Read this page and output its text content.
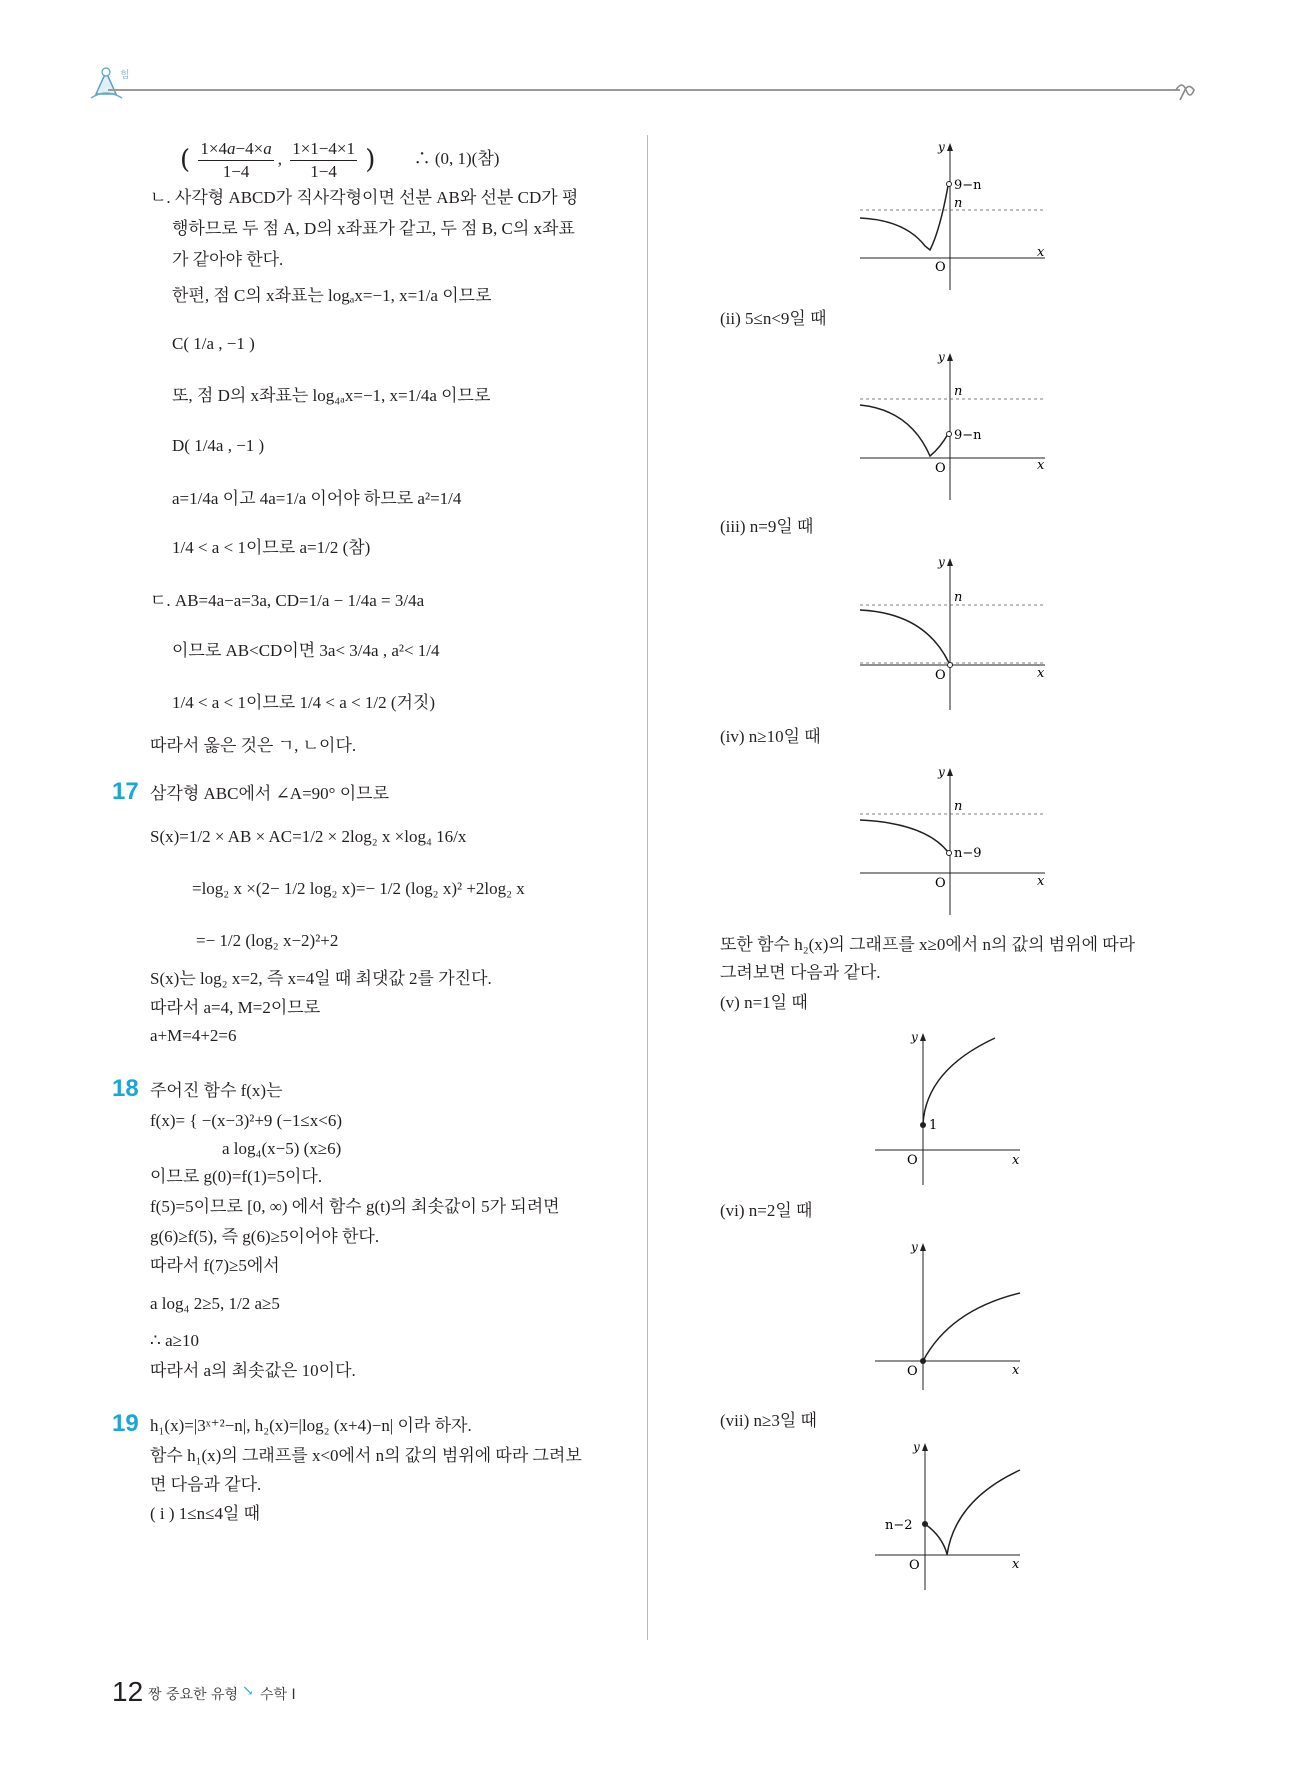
힘
( $\frac{1\times 4a-4\times a}{1-4}$ , $\frac{1\times 1-4\times 1}{1-4}$ ) ∴ (0, 1)(참)
ㄴ. 사각형 ABCD가 직사각형이면 선분 AB와 선분 CD가 평
행하므로 두 점 A, D의 x좌표가 같고, 두 점 B, C의 x좌표
가 같아야 한다.
한편, 점 C의 x좌표는 logₐx=−1, x=1/a 이므로
C( 1/a , −1 )
또, 점 D의 x좌표는 log₄ₐx=−1, x=1/4a 이므로
D( 1/4a , −1 )
a=1/4a 이고 4a=1/a 이어야 하므로 a²=1/4
1/4 < a < 1이므로 a=1/2 (참)
ㄷ. AB=4a−a=3a, CD=1/a − 1/4a = 3/4a
이므로 AB<CD이면 3a< 3/4a , a²< 1/4
1/4 < a < 1이므로 1/4 < a < 1/2 (거짓)
따라서 옳은 것은 ㄱ, ㄴ이다.
17 삼각형 ABC에서 ∠A=90° 이므로
S(x)=1/2 × AB × AC=1/2 × 2log₂ x ×log₄ 16/x
=log₂ x ×(2− 1/2 log₂ x)=− 1/2 (log₂ x)² +2log₂ x
=− 1/2 (log₂ x−2)²+2
S(x)는 log₂ x=2, 즉 x=4일 때 최댓값 2를 가진다.
따라서 a=4, M=2이므로
a+M=4+2=6
18 주어진 함수 f(x)는
f(x)= { −(x−3)²+9 (−1≤x<6)
a log₄(x−5) (x≥6)
이므로 g(0)=f(1)=5이다.
f(5)=5이므로 [0, ∞) 에서 함수 g(t)의 최솟값이 5가 되려면
g(6)≥f(5), 즉 g(6)≥5이어야 한다.
따라서 f(7)≥5에서
a log₄ 2≥5, 1/2 a≥5
∴ a≥10
따라서 a의 최솟값은 10이다.
19 h₁(x)=|3ˣ⁺²−n|, h₂(x)=|log₂ (x+4)−n| 이라 하자.
함수 h₁(x)의 그래프를 x<0에서 n의 값의 범위에 따라 그려보
면 다음과 같다.
( i ) 1≤n≤4일 때
y
x
O
9−n
n
(ii) 5≤n<9일 때
y
x
O
9−n
n
(iii) n=9일 때
y
x
O
n
(iv) n≥10일 때
y
x
O
n−9
n
또한 함수 h₂(x)의 그래프를 x≥0에서 n의 값의 범위에 따라
그려보면 다음과 같다.
(v) n=1일 때
y
x
O
1
(vi) n=2일 때
y
x
O
(vii) n≥3일 때
y
x
O
n−2
12 짱 중요한 유형 ↘ 수학 I
